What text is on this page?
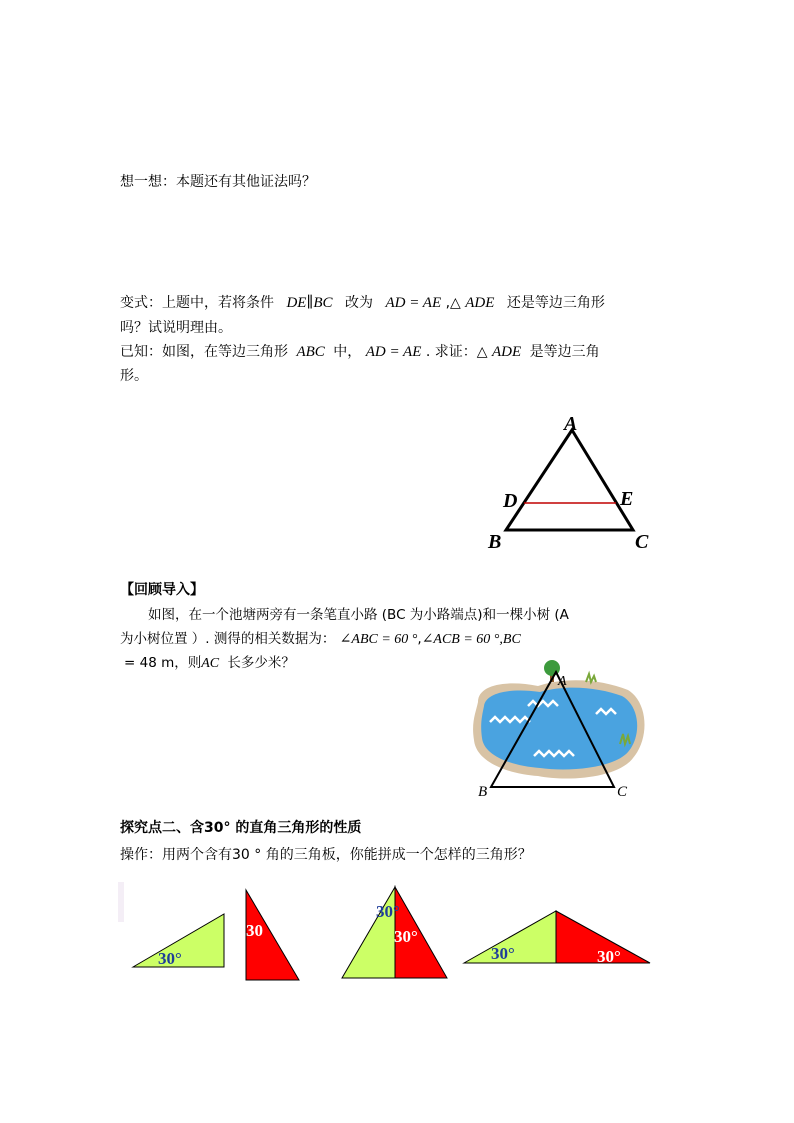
想一想：本题还有其他证法吗？
变式：上题中，若将条件 DE∥BC 改为 AD = AE ,△ ADE 还是等边三角形
吗？试说明理由。
已知：如图，在等边三角形 ABC 中， AD = AE . 求证：△ ADE 是等边三角
形。
A
D	E
B	C
【回顾导入】
如图，在一个池塘两旁有一条笔直小路 (BC 为小路端点)和一棵小树 (A
为小树位置 ）. 测得的相关数据为： ∠ABC = 60 °,∠ACB = 60 °,BC
= 48 m，则AC 长多少米？
A
B	C
探究点二、含30° 的直角三角形的性质
操作：用两个含有30 ° 角的三角板，你能拼成一个怎样的三角形？
30°
30
30°
30°
30°	30°
